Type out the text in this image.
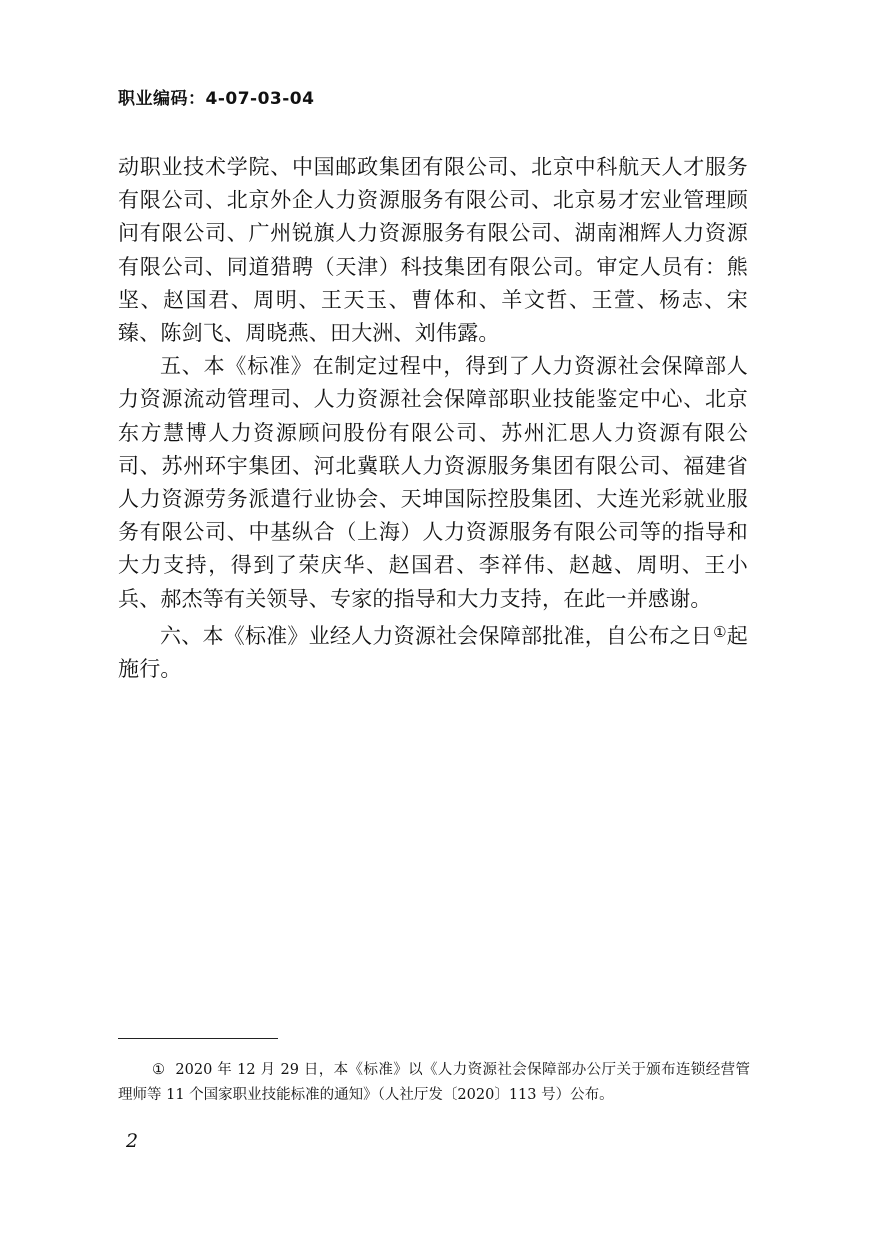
职业编码：4-07-03-04

动职业技术学院、中国邮政集团有限公司、北京中科航天人才服务有限公司、北京外企人力资源服务有限公司、北京易才宏业管理顾问有限公司、广州锐旗人力资源服务有限公司、湖南湘辉人力资源有限公司、同道猎聘（天津）科技集团有限公司。审定人员有：熊坚、赵国君、周明、王天玉、曹体和、羊文哲、王萱、杨志、宋臻、陈剑飞、周晓燕、田大洲、刘伟露。

五、本《标准》在制定过程中，得到了人力资源社会保障部人力资源流动管理司、人力资源社会保障部职业技能鉴定中心、北京东方慧博人力资源顾问股份有限公司、苏州汇思人力资源有限公司、苏州环宇集团、河北冀联人力资源服务集团有限公司、福建省人力资源劳务派遣行业协会、天坤国际控股集团、大连光彩就业服务有限公司、中基纵合（上海）人力资源服务有限公司等的指导和大力支持，得到了荣庆华、赵国君、李祥伟、赵越、周明、王小兵、郝杰等有关领导、专家的指导和大力支持，在此一并感谢。

六、本《标准》业经人力资源社会保障部批准，自公布之日①起施行。

① 2020 年 12 月 29 日，本《标准》以《人力资源社会保障部办公厅关于颁布连锁经营管理师等 11 个国家职业技能标准的通知》（人社厅发〔2020〕113 号）公布。
2
